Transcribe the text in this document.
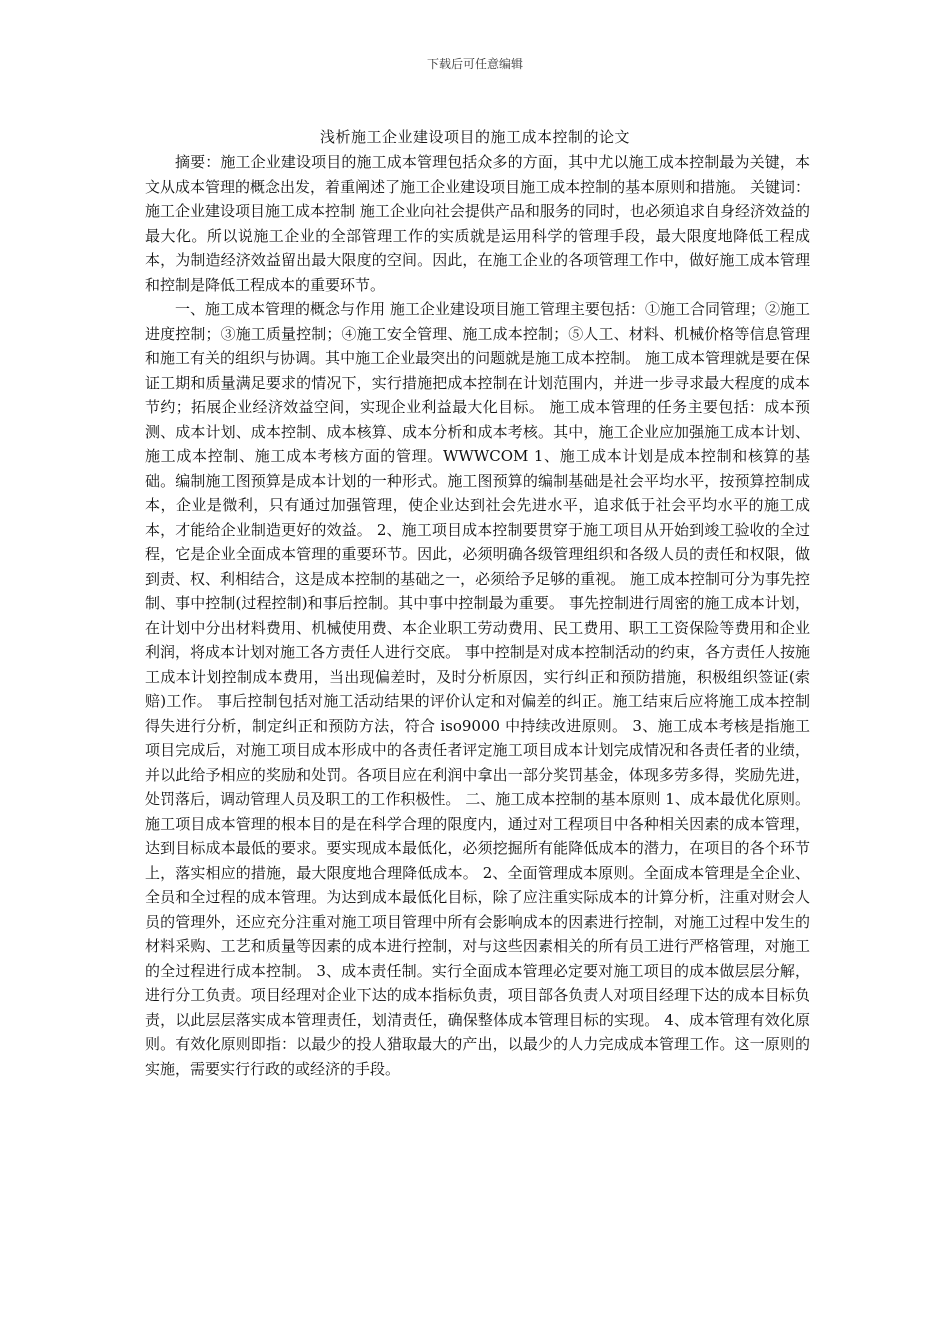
下载后可任意编辑
浅析施工企业建设项目的施工成本控制的论文

摘要：施工企业建设项目的施工成本管理包括众多的方面，其中尤以施工成本控制最为关键，本文从成本管理的概念出发，着重阐述了施工企业建设项目施工成本控制的基本原则和措施。 关键词：施工企业建设项目施工成本控制 施工企业向社会提供产品和服务的同时，也必须追求自身经济效益的最大化。所以说施工企业的全部管理工作的实质就是运用科学的管理手段，最大限度地降低工程成本，为制造经济效益留出最大限度的空间。因此，在施工企业的各项管理工作中，做好施工成本管理和控制是降低工程成本的重要环节。

一、施工成本管理的概念与作用 施工企业建设项目施工管理主要包括：①施工合同管理；②施工进度控制；③施工质量控制；④施工安全管理、施工成本控制；⑤人工、材料、机械价格等信息管理和施工有关的组织与协调。其中施工企业最突出的问题就是施工成本控制。 施工成本管理就是要在保证工期和质量满足要求的情况下，实行措施把成本控制在计划范围内，并进一步寻求最大程度的成本节约；拓展企业经济效益空间，实现企业利益最大化目标。 施工成本管理的任务主要包括：成本预测、成本计划、成本控制、成本核算、成本分析和成本考核。其中，施工企业应加强施工成本计划、施工成本控制、施工成本考核方面的管理。WWWCOM 1、施工成本计划是成本控制和核算的基础。编制施工图预算是成本计划的一种形式。施工图预算的编制基础是社会平均水平，按预算控制成本，企业是微利，只有通过加强管理，使企业达到社会先进水平，追求低于社会平均水平的施工成本，才能给企业制造更好的效益。 2、施工项目成本控制要贯穿于施工项目从开始到竣工验收的全过程，它是企业全面成本管理的重要环节。因此，必须明确各级管理组织和各级人员的责任和权限，做到责、权、利相结合，这是成本控制的基础之一，必须给予足够的重视。 施工成本控制可分为事先控制、事中控制(过程控制)和事后控制。其中事中控制最为重要。 事先控制进行周密的施工成本计划，在计划中分出材料费用、机械使用费、本企业职工劳动费用、民工费用、职工工资保险等费用和企业利润，将成本计划对施工各方责任人进行交底。 事中控制是对成本控制活动的约束，各方责任人按施工成本计划控制成本费用，当出现偏差时，及时分析原因，实行纠正和预防措施，积极组织签证(索赔)工作。 事后控制包括对施工活动结果的评价认定和对偏差的纠正。施工结束后应将施工成本控制得失进行分析，制定纠正和预防方法，符合 iso9000 中持续改进原则。 3、施工成本考核是指施工项目完成后，对施工项目成本形成中的各责任者评定施工项目成本计划完成情况和各责任者的业绩，并以此给予相应的奖励和处罚。各项目应在利润中拿出一部分奖罚基金，体现多劳多得，奖励先进，处罚落后，调动管理人员及职工的工作积极性。 二、施工成本控制的基本原则 1、成本最优化原则。施工项目成本管理的根本目的是在科学合理的限度内，通过对工程项目中各种相关因素的成本管理，达到目标成本最低的要求。要实现成本最低化，必须挖掘所有能降低成本的潜力，在项目的各个环节上，落实相应的措施，最大限度地合理降低成本。 2、全面管理成本原则。全面成本管理是全企业、全员和全过程的成本管理。为达到成本最低化目标，除了应注重实际成本的计算分析，注重对财会人员的管理外，还应充分注重对施工项目管理中所有会影响成本的因素进行控制，对施工过程中发生的材料采购、工艺和质量等因素的成本进行控制，对与这些因素相关的所有员工进行严格管理，对施工的全过程进行成本控制。 3、成本责任制。实行全面成本管理必定要对施工项目的成本做层层分解，进行分工负责。项目经理对企业下达的成本指标负责，项目部各负责人对项目经理下达的成本目标负责，以此层层落实成本管理责任，划清责任，确保整体成本管理目标的实现。 4、成本管理有效化原则。有效化原则即指：以最少的投人猎取最大的产出，以最少的人力完成成本管理工作。这一原则的实施，需要实行行政的或经济的手段。
